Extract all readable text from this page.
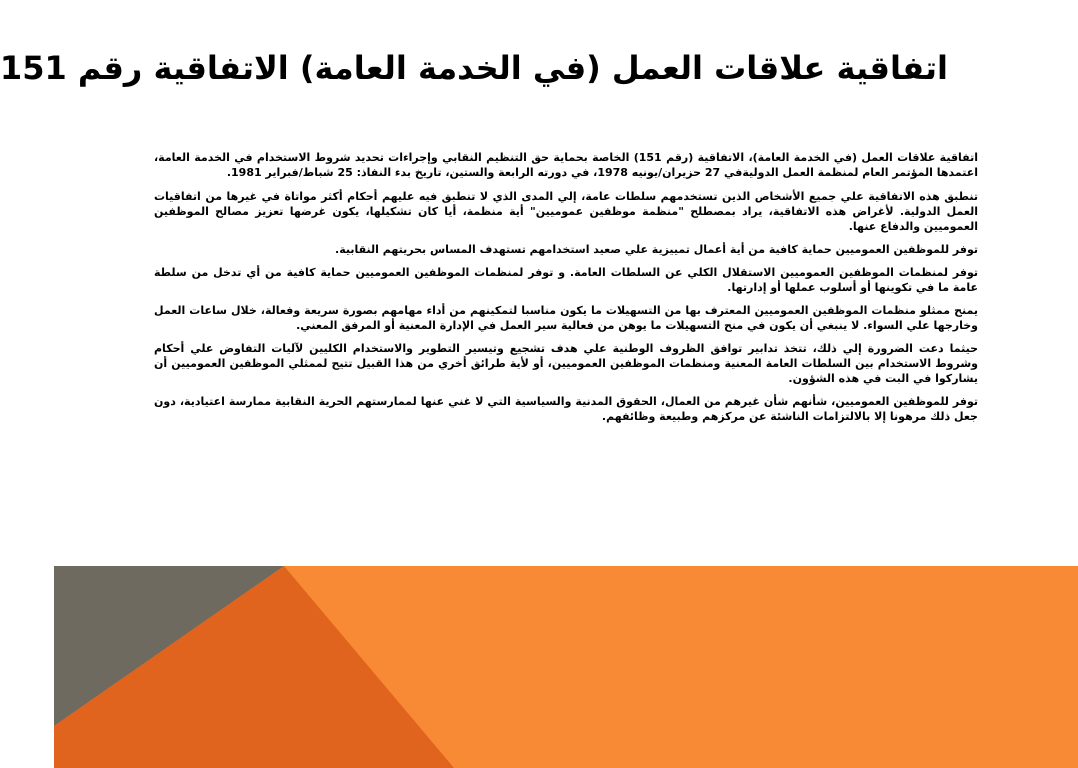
اتفاقية علاقات العمل (في الخدمة العامة) الاتفاقية رقم 151

اتفاقية علاقات العمل (في الخدمة العامة)، الاتفاقية (رقم 151) الخاصة بحماية حق التنظيم النقابي وإجراءات تحديد شروط الاستخدام في الخدمة العامة، اعتمدها المؤتمر العام لمنظمة العمل الدوليةفي 27 حزيران/يونيه 1978، في دورته الرابعة والستين، تاريخ بدء النفاذ: 25 شباط/فبراير 1981.

تنطبق هذه الاتفاقية علي جميع الأشخاص الذين تستخدمهم سلطات عامة، إلي المدى الذي لا تنطبق فيه عليهم أحكام أكثر مواتاة في غيرها من اتفاقيات العمل الدولية. لأغراض هذه الاتفاقية، يراد بمصطلح "منظمة موظفين عموميين" أية منظمة، أيا كان تشكيلها، يكون غرضها تعزيز مصالح الموظفين العموميين والدفاع عنها.

توفر للموظفين العموميين حماية كافية من أية أعمال تمييزية علي صعيد استخدامهم تستهدف المساس بحريتهم النقابية.

توفر لمنظمات الموظفين العموميين الاستقلال الكلي عن السلطات العامة. و توفر لمنظمات الموظفين العموميين حماية كافية من أي تدخل من سلطة عامة ما في تكوينها أو أسلوب عملها أو إدارتها.

يمنح ممثلو منظمات الموظفين العموميين المعترف بها من التسهيلات ما يكون مناسبا لتمكينهم من أداء مهامهم بصورة سريعة وفعالة، خلال ساعات العمل وخارجها علي السواء. لا ينبغي أن يكون في منح التسهيلات ما يوهن من فعالية سير العمل في الإدارة المعنية أو المرفق المعني.

حيثما دعت الضرورة إلي ذلك، تتخذ تدابير توافق الظروف الوطنية علي هدف تشجيع وتيسير التطوير والاستخدام الكليين لآليات التفاوض علي أحكام وشروط الاستخدام بين السلطات العامة المعنية ومنظمات الموظفين العموميين، أو لأية طرائق أخري من هذا القبيل تتيح لممثلي الموظفين العموميين أن يشاركوا في البت في هذه الشؤون.

توفر للموظفين العموميين، شأنهم شأن غيرهم من العمال، الحقوق المدنية والسياسية التي لا غني عنها لممارستهم الحرية النقابية ممارسة اعتيادية، دون جعل ذلك مرهونا إلا بالالتزامات الناشئة عن مركزهم وطبيعة وظائفهم.
